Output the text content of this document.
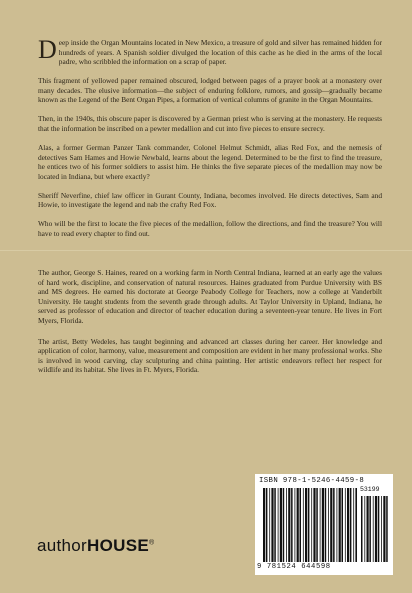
Deep inside the Organ Mountains located in New Mexico, a treasure of gold and silver has remained hidden for hundreds of years. A Spanish soldier divulged the location of this cache as he died in the arms of the local padre, who scribbled the information on a scrap of paper.

This fragment of yellowed paper remained obscured, lodged between pages of a prayer book at a monastery over many decades. The elusive information—the subject of enduring folklore, rumors, and gossip—gradually became known as the Legend of the Bent Organ Pipes, a formation of vertical columns of granite in the Organ Mountains.

Then, in the 1940s, this obscure paper is discovered by a German priest who is serving at the monastery. He requests that the information be inscribed on a pewter medallion and cut into five pieces to ensure secrecy.

Alas, a former German Panzer Tank commander, Colonel Helmut Schmidt, alias Red Fox, and the nemesis of detectives Sam Hames and Howie Newbald, learns about the legend. Determined to be the first to find the treasure, he entices two of his former soldiers to assist him. He thinks the five separate pieces of the medallion may now be located in Indiana, but where exactly?

Sheriff Neverfine, chief law officer in Gurant County, Indiana, becomes involved. He directs detectives, Sam and Howie, to investigate the legend and nab the crafty Red Fox.

Who will be the first to locate the five pieces of the medallion, follow the directions, and find the treasure? You will have to read every chapter to find out.

The author, George S. Haines, reared on a working farm in North Central Indiana, learned at an early age the values of hard work, discipline, and conservation of natural resources. Haines graduated from Purdue University with BS and MS degrees. He earned his doctorate at George Peabody College for Teachers, now a college at Vanderbilt University. He taught students from the seventh grade through adults. At Taylor University in Upland, Indiana, he served as professor of education and director of teacher education during a seventeen-year tenure. He lives in Fort Myers, Florida.

The artist, Betty Wedeles, has taught beginning and advanced art classes during her career. Her knowledge and application of color, harmony, value, measurement and composition are evident in her many professional works. She is involved in wood carving, clay sculpturing and china painting. Her artistic endeavors reflect her respect for wildlife and its habitat. She lives in Ft. Myers, Florida.

authorHOUSE®
ISBN 978-1-5246-4459-8
53199
9 781524 644598
